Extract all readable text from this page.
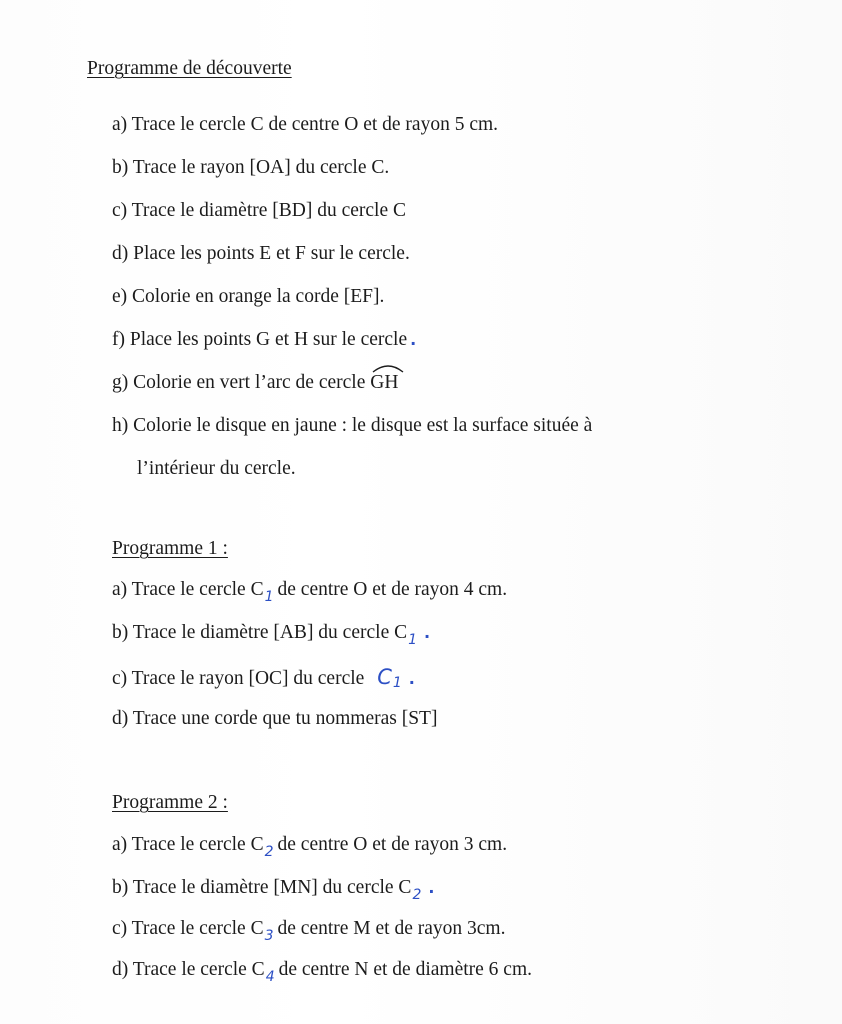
Programme de découverte
a) Trace le cercle C de centre O et de rayon 5 cm.
b) Trace le rayon [OA] du cercle C.
c) Trace le diamètre [BD] du cercle C
d) Place les points E et F sur le cercle.
e) Colorie en orange la corde [EF].
f) Place les points G et H sur le cercle .
g) Colorie en vert l’arc de cercle GH
h) Colorie le disque en jaune : le disque est la surface située à
l’intérieur du cercle.
Programme 1 :
a) Trace le cercle $C_1$ de centre O et de rayon 4 cm.
b) Trace le diamètre [AB] du cercle $C_1$ .
c) Trace le rayon [OC] du cercle C1 .
d) Trace une corde que tu nommeras [ST]
Programme 2 :
a) Trace le cercle $C_2$ de centre O et de rayon 3 cm.
b) Trace le diamètre [MN] du cercle $C_2$ .
c) Trace le cercle $C_3$ de centre M et de rayon 3cm.
d) Trace le cercle $C_4$ de centre N et de diamètre 6 cm.
